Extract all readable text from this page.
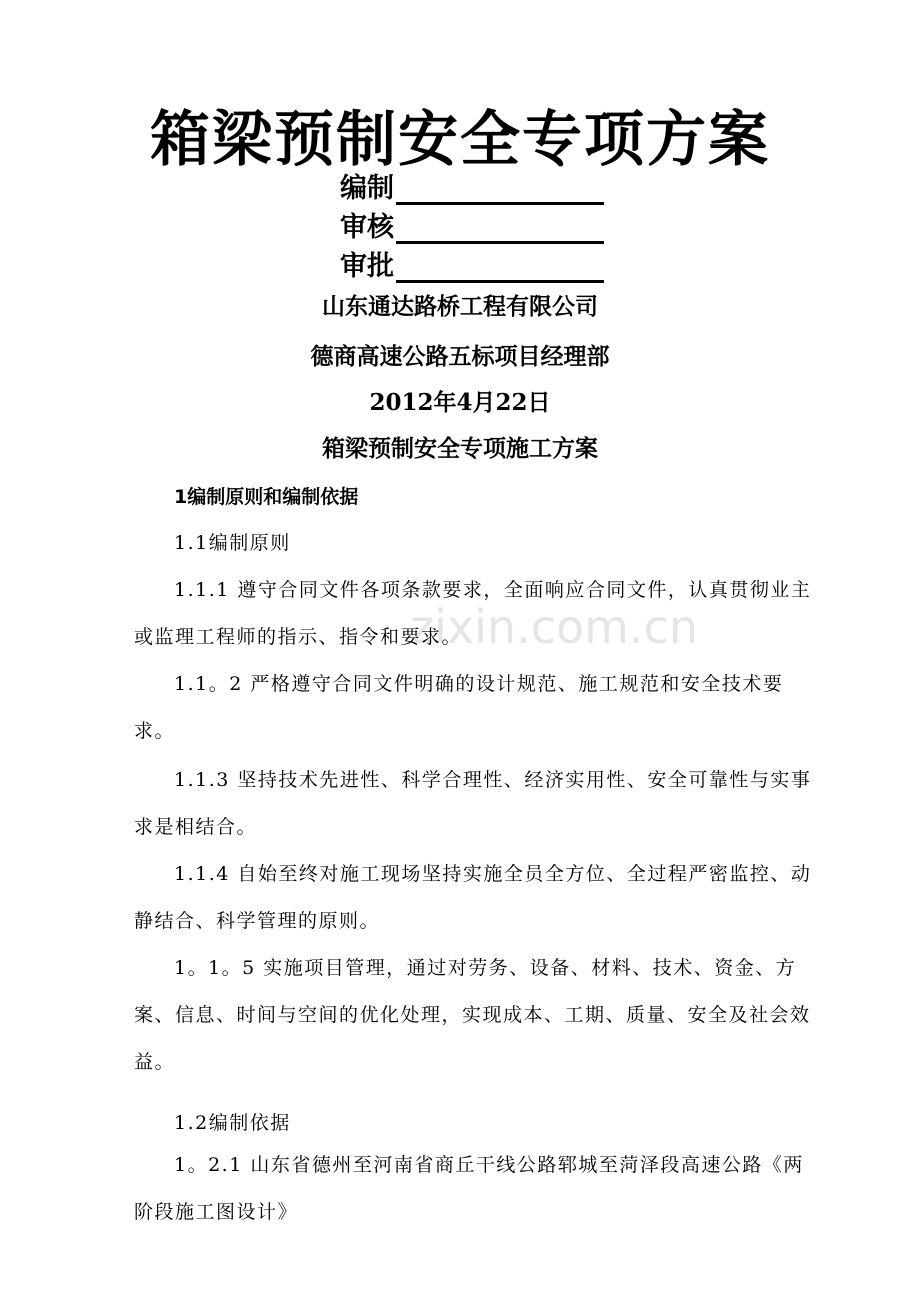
zixin.com.cn
箱梁预制安全专项方案
编制
审核
审批
山东通达路桥工程有限公司
德商高速公路五标项目经理部
2012年4月22日
箱梁预制安全专项施工方案
1编制原则和编制依据
1.1编制原则

1.1.1 遵守合同文件各项条款要求，全面响应合同文件，认真贯彻业主或监理工程师的指示、指令和要求。

1.1。2 严格遵守合同文件明确的设计规范、施工规范和安全技术要求。

1.1.3 坚持技术先进性、科学合理性、经济实用性、安全可靠性与实事求是相结合。

1.1.4 自始至终对施工现场坚持实施全员全方位、全过程严密监控、动静结合、科学管理的原则。

1。1。5 实施项目管理，通过对劳务、设备、材料、技术、资金、方案、信息、时间与空间的优化处理，实现成本、工期、质量、安全及社会效益。

1.2编制依据

1。2.1 山东省德州至河南省商丘干线公路郓城至菏泽段高速公路《两阶段施工图设计》
